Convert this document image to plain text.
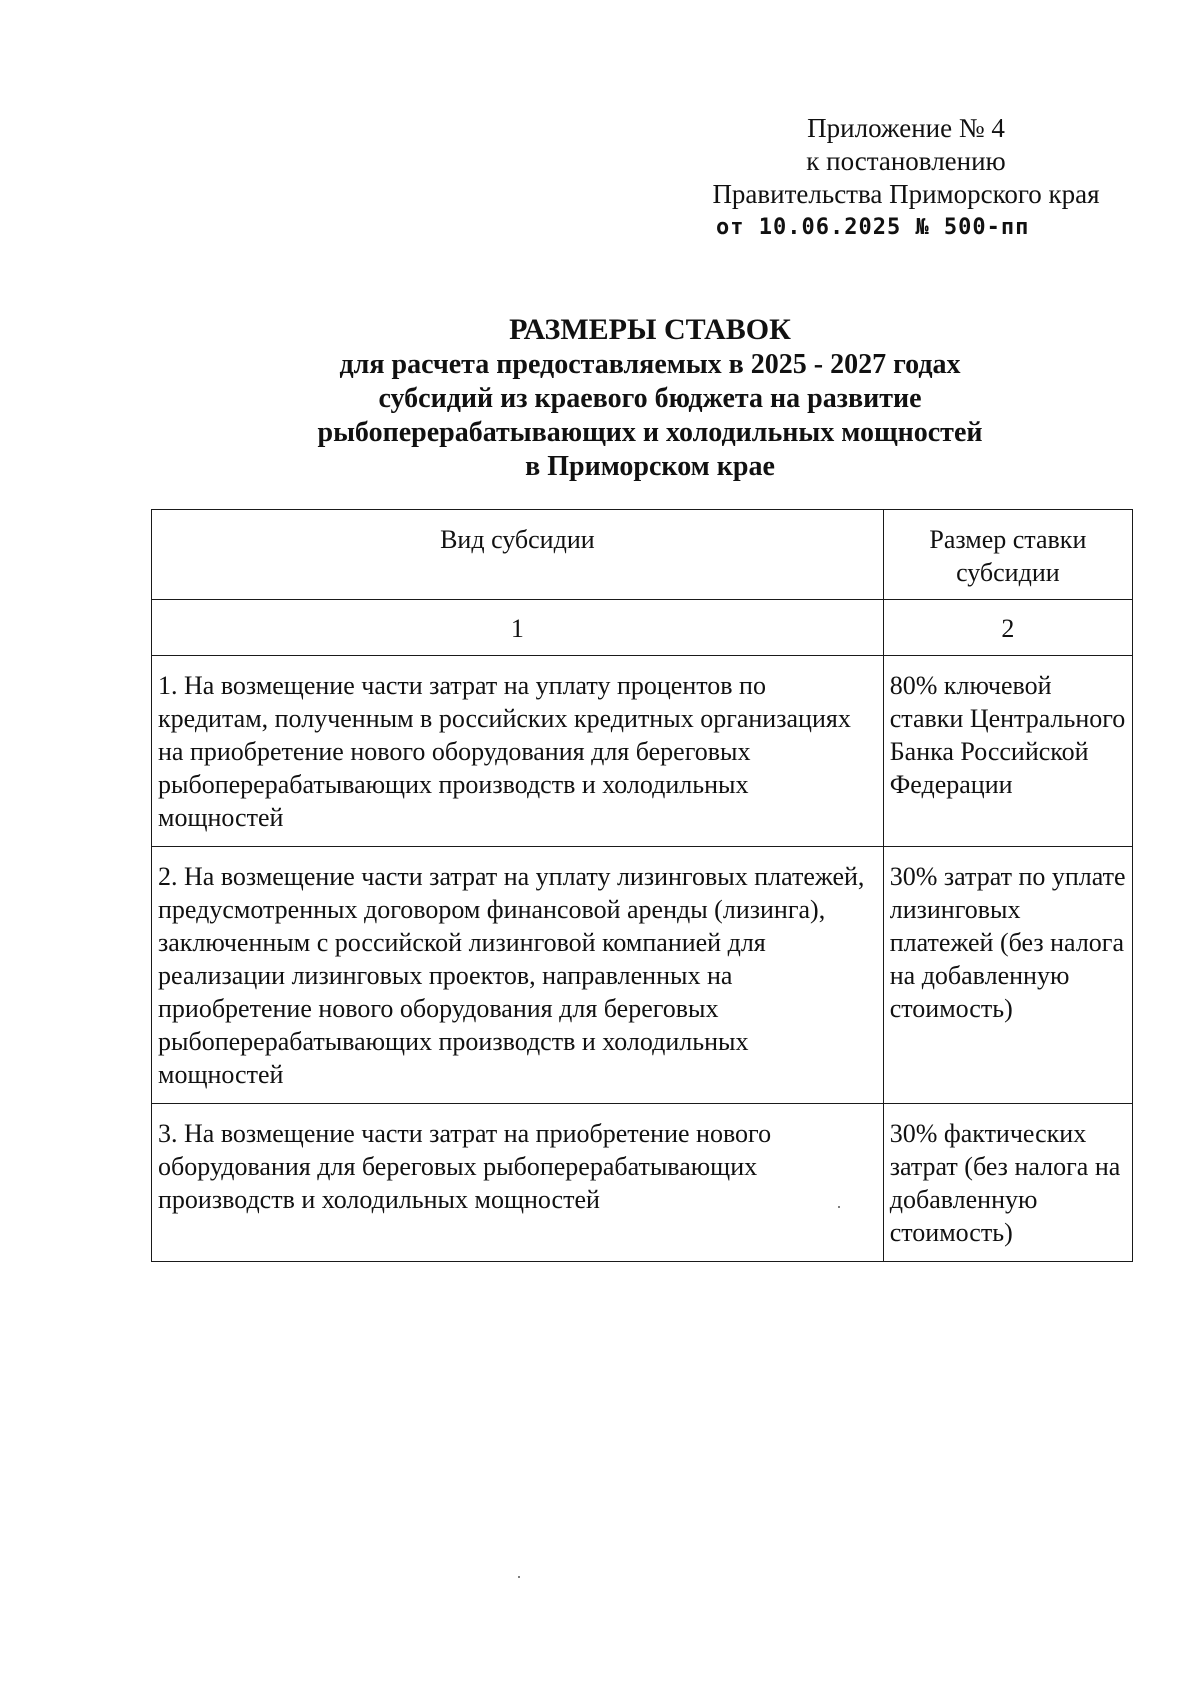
Приложение № 4
к постановлению
Правительства Приморского края
от 10.06.2025 № 500-пп
РАЗМЕРЫ СТАВОК
для расчета предоставляемых в 2025 - 2027 годах
субсидий из краевого бюджета на развитие
рыбоперерабатывающих и холодильных мощностей
в Приморском крае
Вид субсидии	Размер ставки субсидии
1	2
1. На возмещение части затрат на уплату процентов по кредитам, полученным в российских кредитных организациях на приобретение нового оборудования для береговых рыбоперерабатывающих производств и холодильных мощностей	80% ключевой ставки Центрального Банка Российской Федерации
2. На возмещение части затрат на уплату лизинговых платежей, предусмотренных договором финансовой аренды (лизинга), заключенным с российской лизинговой компанией для реализации лизинговых проектов, направленных на приобретение нового оборудования для береговых рыбоперерабатывающих производств и холодильных мощностей	30% затрат по уплате лизинговых платежей (без налога на добавленную стоимость)
3. На возмещение части затрат на приобретение нового оборудования для береговых рыбоперерабатывающих производств и холодильных мощностей	30% фактических затрат (без налога на добавленную стоимость)
